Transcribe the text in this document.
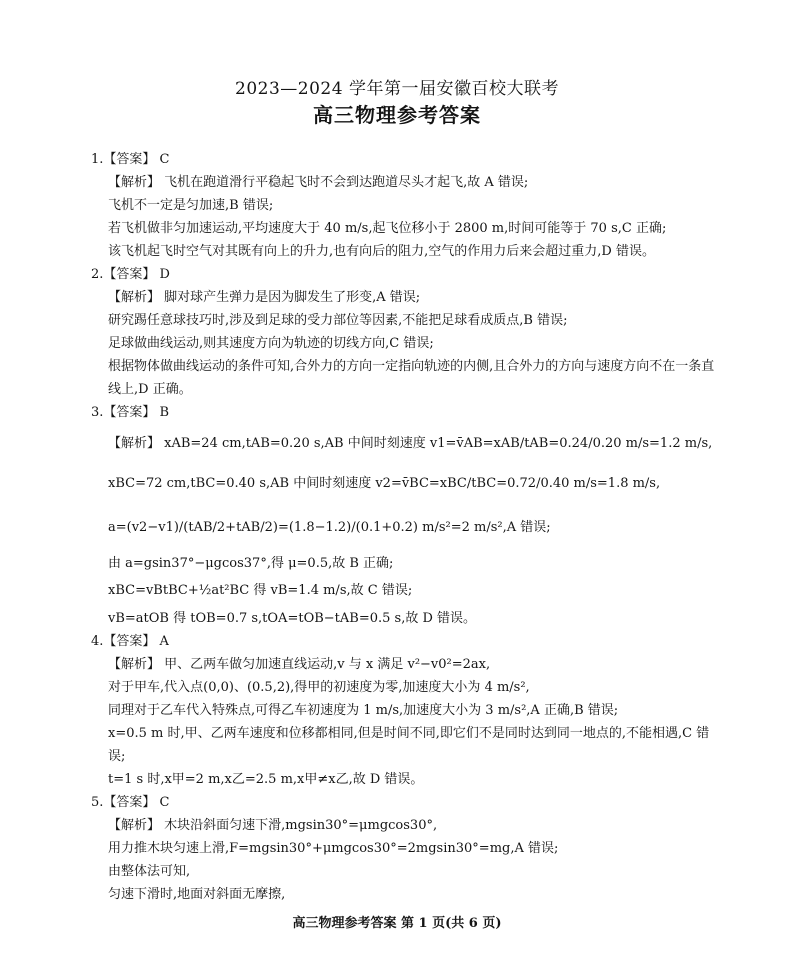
2023—2024 学年第一届安徽百校大联考
高三物理参考答案
1.【答案】 C
【解析】 飞机在跑道滑行平稳起飞时不会到达跑道尽头才起飞,故 A 错误;
飞机不一定是匀加速,B 错误;
若飞机做非匀加速运动,平均速度大于 40 m/s,起飞位移小于 2800 m,时间可能等于 70 s,C 正确;
该飞机起飞时空气对其既有向上的升力,也有向后的阻力,空气的作用力后来会超过重力,D 错误。
2.【答案】 D
【解析】 脚对球产生弹力是因为脚发生了形变,A 错误;
研究踢任意球技巧时,涉及到足球的受力部位等因素,不能把足球看成质点,B 错误;
足球做曲线运动,则其速度方向为轨迹的切线方向,C 错误;
根据物体做曲线运动的条件可知,合外力的方向一定指向轨迹的内侧,且合外力的方向与速度方向不在一条直线上,D 正确。
3.【答案】 B
【解析】 xAB=24 cm,tAB=0.20 s,AB 中间时刻速度 v1=v̄AB=xAB/tAB=0.24/0.20 m/s=1.2 m/s,
xBC=72 cm,tBC=0.40 s,AB 中间时刻速度 v2=v̄BC=xBC/tBC=0.72/0.40 m/s=1.8 m/s,
a=(v2−v1)/(tAB/2+tAB/2)=(1.8−1.2)/(0.1+0.2) m/s²=2 m/s²,A 错误;
由 a=gsin37°−μgcos37°,得 μ=0.5,故 B 正确;
xBC=vBtBC+½at²BC 得 vB=1.4 m/s,故 C 错误;
vB=atOB 得 tOB=0.7 s,tOA=tOB−tAB=0.5 s,故 D 错误。
4.【答案】 A
【解析】 甲、乙两车做匀加速直线运动,v 与 x 满足 v²−v0²=2ax,
对于甲车,代入点(0,0)、(0.5,2),得甲的初速度为零,加速度大小为 4 m/s²,
同理对于乙车代入特殊点,可得乙车初速度为 1 m/s,加速度大小为 3 m/s²,A 正确,B 错误;
x=0.5 m 时,甲、乙两车速度和位移都相同,但是时间不同,即它们不是同时达到同一地点的,不能相遇,C 错误;
t=1 s 时,x甲=2 m,x乙=2.5 m,x甲≠x乙,故 D 错误。
5.【答案】 C
【解析】 木块沿斜面匀速下滑,mgsin30°=μmgcos30°,
用力推木块匀速上滑,F=mgsin30°+μmgcos30°=2mgsin30°=mg,A 错误;
由整体法可知,
匀速下滑时,地面对斜面无摩擦,
高三物理参考答案 第 1 页(共 6 页)
